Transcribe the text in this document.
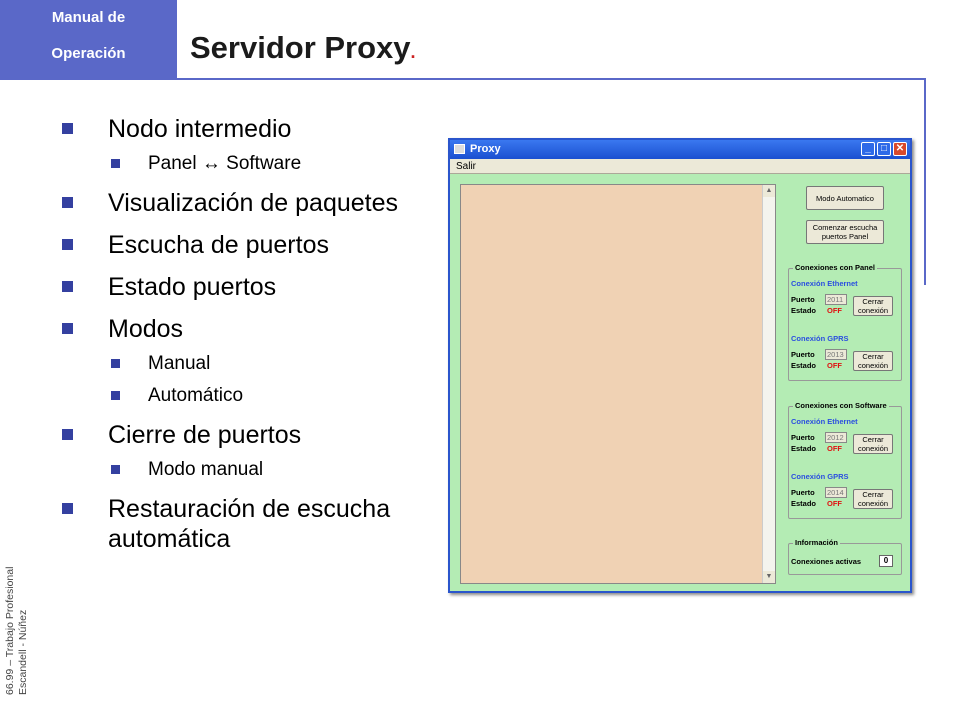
Manual de
Operación	Servidor Proxy.
66.99 – Trabajo Profesional Escandell - Núñez
Nodo intermedio
Panel ↔ Software
Visualización de paquetes
Escucha de puertos
Estado puertos
Modos
Manual
Automático
Cierre de puertos
Modo manual
Restauración de escucha automática
Proxy	_	□ ✕
Salir
▲
▼
Modo Automatico
Comenzar escucha puertos Panel
Conexiones con Panel
Conexión Ethernet
Puerto 2011
Estado OFF
Cerrar conexión
Conexión GPRS
Puerto 2013
Estado OFF
Cerrar conexión
Conexiones con Software
Conexión Ethernet
Puerto 2012
Estado OFF
Cerrar conexión
Conexión GPRS
Puerto 2014
Estado OFF
Cerrar conexión
Información
Conexiones activas	0
